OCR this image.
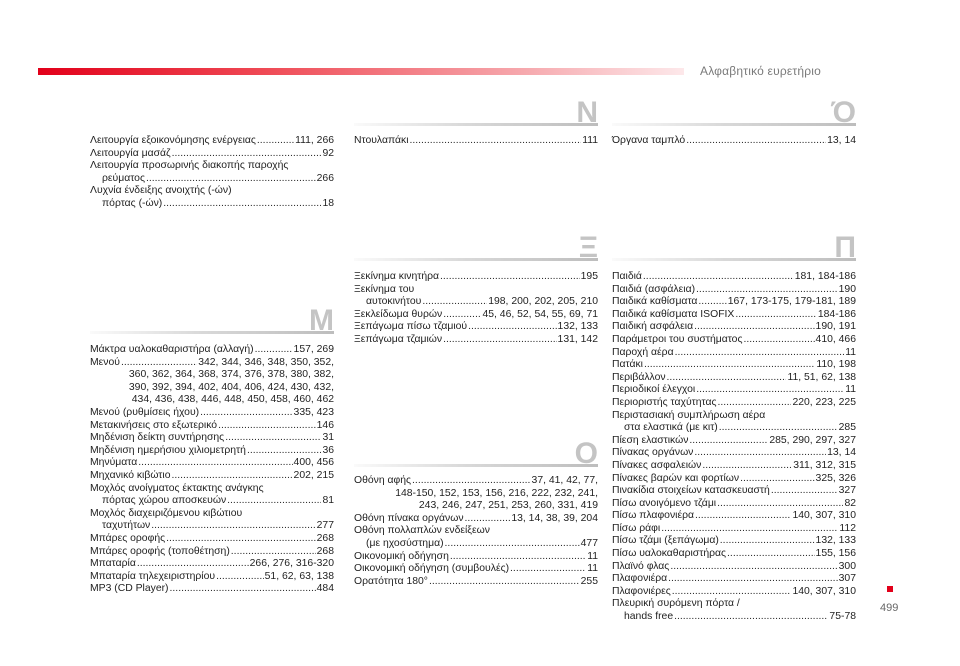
Αλφαβητικό ευρετήριο
Λειτουργία εξοικονόμησης ενέργειας .....	111, 266
Λειτουργία μασάζ .....	92
Λειτουργία προσωρινής διακοπής παροχής
ρεύματος .....	266
Λυχνία ένδειξης ανοιχτής (-ών)
πόρτας (-ών) .....	18
Μ
Μάκτρα υαλοκαθαριστήρα (αλλαγή) .....	157, 269
Μενού .....	342, 344, 346, 348, 350, 352,
360, 362, 364, 368, 374, 376, 378, 380, 382,
390, 392, 394, 402, 404, 406, 424, 430, 432,
434, 436, 438, 446, 448, 450, 458, 460, 462
Μενού (ρυθμίσεις ήχου) .....	335, 423
Μετακινήσεις στο εξωτερικό .....	146
Μηδένιση δείκτη συντήρησης .....	31
Μηδένιση ημερήσιου χιλιομετρητή .....	36
Μηνύματα .....	400, 456
Μηχανικό κιβώτιο .....	202, 215
Μοχλός ανοίγματος έκτακτης ανάγκης
πόρτας χώρου αποσκευών .....	81
Μοχλός διαχειριζόμενου κιβώτιου
ταχυτήτων .....	277
Μπάρες οροφής .....	268
Μπάρες οροφής (τοποθέτηση) .....	268
Μπαταρία .....	266, 276, 316-320
Μπαταρία τηλεχειριστηρίου .....	51, 62, 63, 138
MP3 (CD Player) .....	484
Ν
Ντουλαπάκι .....	111
Ξ
Ξεκίνημα κινητήρα .....	195
Ξεκίνημα του
αυτοκινήτου .....	198, 200, 202, 205, 210
Ξεκλείδωμα θυρών .....	45, 46, 52, 54, 55, 69, 71
Ξεπάγωμα πίσω τζαμιού .....	132, 133
Ξεπάγωμα τζαμιών .....	131, 142
Ο
Οθόνη αφής .....	37, 41, 42, 77,
148-150, 152, 153, 156, 216, 222, 232, 241,
243, 246, 247, 251, 253, 260, 331, 419
Οθόνη πίνακα οργάνων .....	13, 14, 38, 39, 204
Οθόνη πολλαπλών ενδείξεων
(με ηχοσύστημα) .....	477
Οικονομική οδήγηση .....	11
Οικονομική οδήγηση (συμβουλές) .....	11
Ορατότητα 180° .....	255
Ό
Όργανα ταμπλό .....	13, 14
Π
Παιδιά .....	181, 184-186
Παιδιά (ασφάλεια) .....	190
Παιδικά καθίσματα .....	167, 173-175, 179-181, 189
Παιδικά καθίσματα ISOFIX .....	184-186
Παιδική ασφάλεια .....	190, 191
Παράμετροι του συστήματος .....	410, 466
Παροχή αέρα .....	11
Πατάκι .....	110, 198
Περιβάλλον .....	11, 51, 62, 138
Περιοδικοί έλεγχοι .....	11
Περιοριστής ταχύτητας .....	220, 223, 225
Περιστασιακή συμπλήρωση αέρα
στα ελαστικά (με κιτ) .....	285
Πίεση ελαστικών .....	285, 290, 297, 327
Πίνακας οργάνων .....	13, 14
Πίνακες ασφαλειών .....	311, 312, 315
Πίνακες βαρών και φορτίων .....	325, 326
Πινακίδια στοιχείων κατασκευαστή .....	327
Πίσω ανοιγόμενο τζάμι .....	82
Πίσω πλαφονιέρα .....	140, 307, 310
Πίσω ράφι .....	112
Πίσω τζάμι (ξεπάγωμα) .....	132, 133
Πίσω υαλοκαθαριστήρας .....	155, 156
Πλαϊνό φλας .....	300
Πλαφονιέρα .....	307
Πλαφονιέρες .....	140, 307, 310
Πλευρική συρόμενη πόρτα /
hands free .....	75-78
499
